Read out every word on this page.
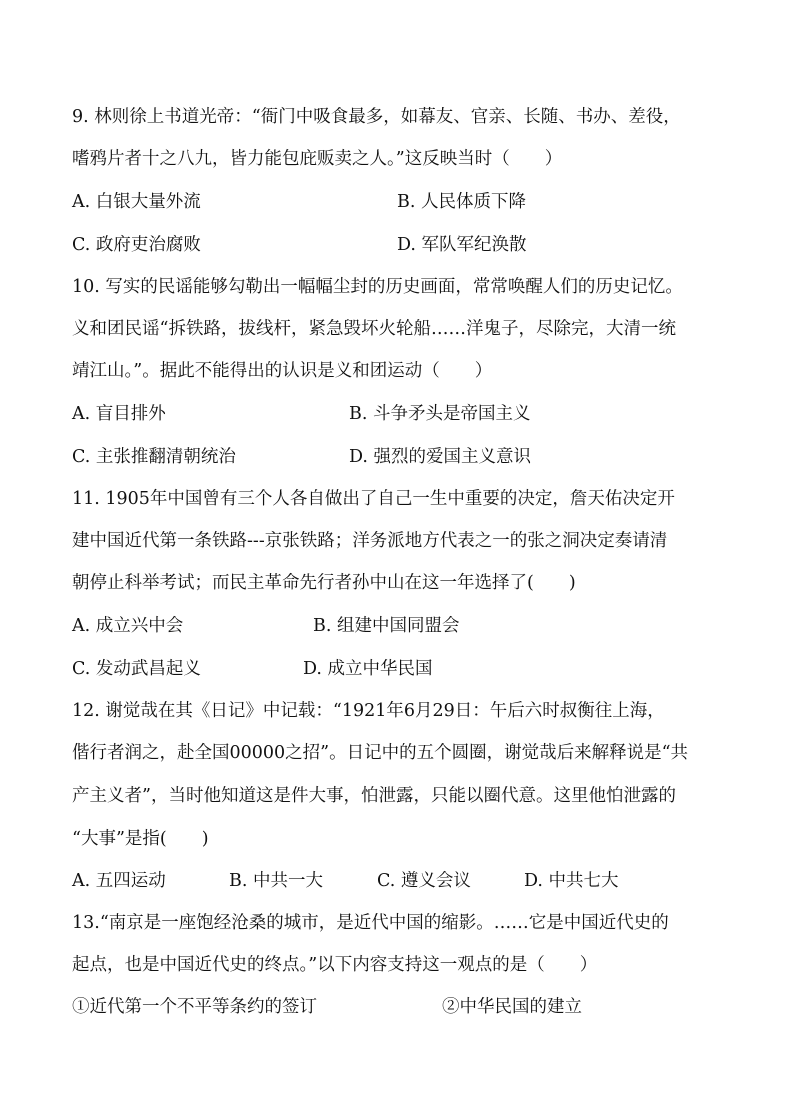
9. 林则徐上书道光帝：“衙门中吸食最多，如幕友、官亲、长随、书办、差役，
嗜鸦片者十之八九，皆力能包庇贩卖之人。”这反映当时（　　）
A. 白银大量外流	B. 人民体质下降
C. 政府吏治腐败	D. 军队军纪涣散
10. 写实的民谣能够勾勒出一幅幅尘封的历史画面，常常唤醒人们的历史记忆。
义和团民谣“拆铁路，拔线杆，紧急毁坏火轮船……洋鬼子，尽除完，大清一统
靖江山。”。据此不能得出的认识是义和团运动（　　）
A. 盲目排外	B. 斗争矛头是帝国主义
C. 主张推翻清朝统治	D. 强烈的爱国主义意识
11. 1905年中国曾有三个人各自做出了自己一生中重要的决定，詹天佑决定开
建中国近代第一条铁路---京张铁路；洋务派地方代表之一的张之洞决定奏请清
朝停止科举考试；而民主革命先行者孙中山在这一年选择了(　　)
A. 成立兴中会	B. 组建中国同盟会
C. 发动武昌起义	D. 成立中华民国
12. 谢觉哉在其《日记》中记载：“1921年6月29日：午后六时叔衡往上海，
偕行者润之，赴全国00000之招”。日记中的五个圆圈，谢觉哉后来解释说是“共
产主义者”，当时他知道这是件大事，怕泄露，只能以圈代意。这里他怕泄露的
“大事”是指(　　)
A. 五四运动	B. 中共一大	C. 遵义会议	D. 中共七大
13.“南京是一座饱经沧桑的城市，是近代中国的缩影。……它是中国近代史的
起点，也是中国近代史的终点。”以下内容支持这一观点的是（　　）
①近代第一个不平等条约的签订	②中华民国的建立
